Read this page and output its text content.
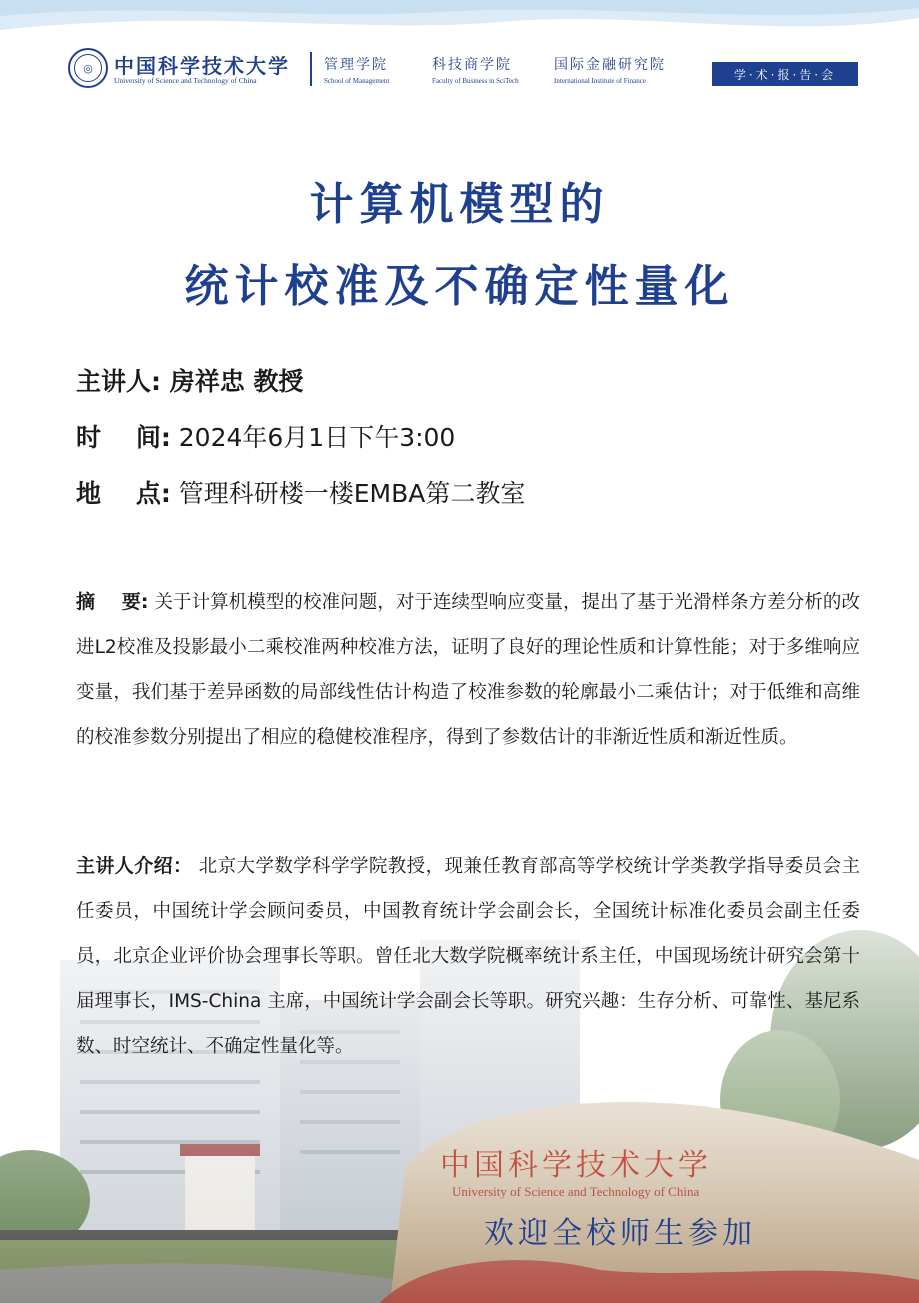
◎	中国科学技术大学
University of Science and Technology of China
管理学院
School of Management
科技商学院
Faculty of Business in SciTech
国际金融研究院
International Institute of Finance	学·术·报·告·会
计算机模型的
统计校准及不确定性量化
主讲人: 房祥忠 教授
时    间: 2024年6月1日下午3:00
地    点: 管理科研楼一楼EMBA第二教室
摘    要: 关于计算机模型的校准问题，对于连续型响应变量，提出了基于光滑样条方差分析的改进L2校准及投影最小二乘校准两种校准方法，证明了良好的理论性质和计算性能；对于多维响应变量，我们基于差异函数的局部线性估计构造了校准参数的轮廓最小二乘估计；对于低维和高维的校准参数分别提出了相应的稳健校准程序，得到了参数估计的非渐近性质和渐近性质。
主讲人介绍： 北京大学数学科学学院教授，现兼任教育部高等学校统计学类教学指导委员会主任委员，中国统计学会顾问委员，中国教育统计学会副会长，全国统计标准化委员会副主任委员，北京企业评价协会理事长等职。曾任北大数学院概率统计系主任，中国现场统计研究会第十届理事长，IMS-China 主席，中国统计学会副会长等职。研究兴趣：生存分析、可靠性、基尼系数、时空统计、不确定性量化等。
中国科学技术大学
University of Science and Technology of China
欢迎全校师生参加
